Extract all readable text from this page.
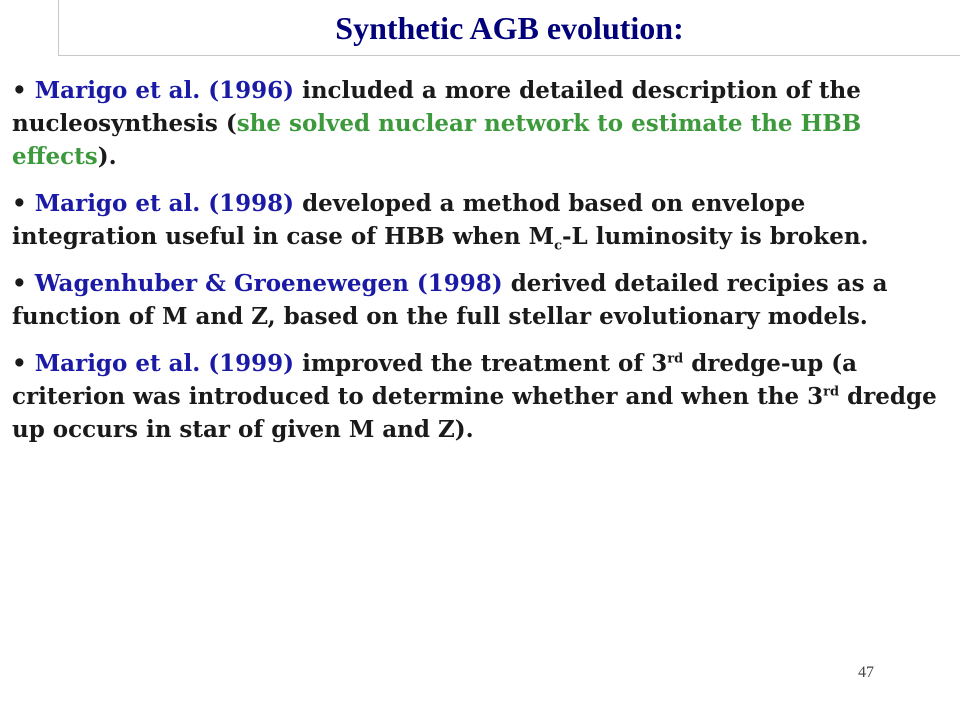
Synthetic AGB evolution:

• Marigo et al. (1996) included a more detailed description of the nucleosynthesis (she solved nuclear network to estimate the HBB effects).

• Marigo et al. (1998) developed a method based on envelope integration useful in case of HBB when $M_c-L$ luminosity is broken.

• Wagenhuber & Groenewegen (1998) derived detailed recipies as a function of M and Z, based on the full stellar evolutionary models.

• Marigo et al. (1999) improved the treatment of 3rd dredge-up (a criterion was introduced to determine whether and when the 3rd dredge up occurs in star of given M and Z).

47
